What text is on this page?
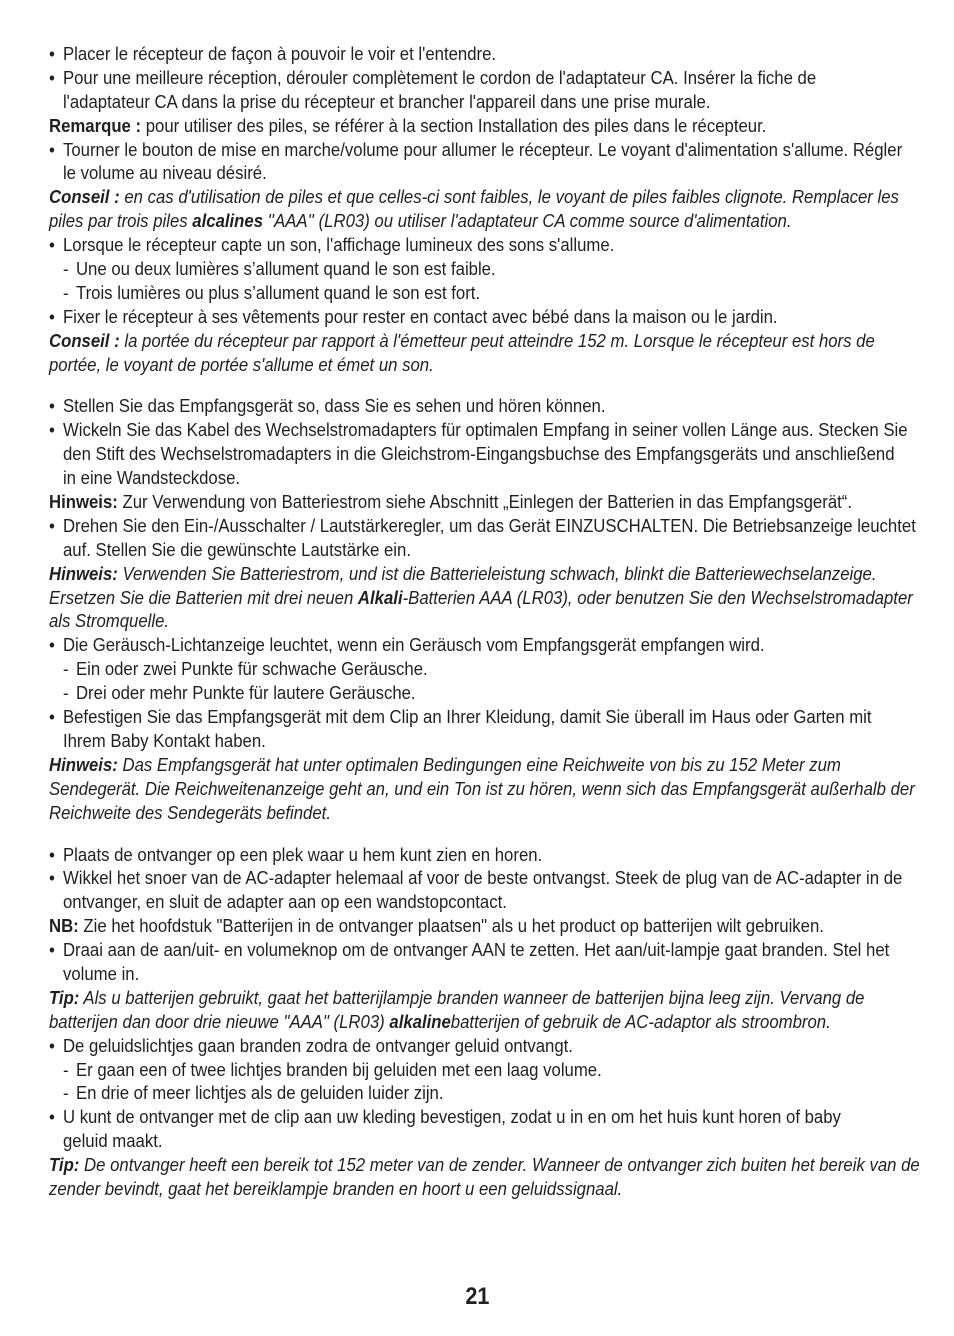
• Placer le récepteur de façon à pouvoir le voir et l'entendre.
• Pour une meilleure réception, dérouler complètement le cordon de l'adaptateur CA. Insérer la fiche de
l'adaptateur CA dans la prise du récepteur et brancher l'appareil dans une prise murale.
Remarque : pour utiliser des piles, se référer à la section Installation des piles dans le récepteur.
• Tourner le bouton de mise en marche/volume pour allumer le récepteur. Le voyant d'alimentation s'allume. Régler
le volume au niveau désiré.
Conseil : en cas d'utilisation de piles et que celles-ci sont faibles, le voyant de piles faibles clignote. Remplacer les
piles par trois piles alcalines ''AAA'' (LR03) ou utiliser l'adaptateur CA comme source d'alimentation.
• Lorsque le récepteur capte un son, l'affichage lumineux des sons s'allume.
- Une ou deux lumières s’allument quand le son est faible.
- Trois lumières ou plus s’allument quand le son est fort.
• Fixer le récepteur à ses vêtements pour rester en contact avec bébé dans la maison ou le jardin.
Conseil : la portée du récepteur par rapport à l'émetteur peut atteindre 152 m. Lorsque le récepteur est hors de
portée, le voyant de portée s'allume et émet un son.
• Stellen Sie das Empfangsgerät so, dass Sie es sehen und hören können.
• Wickeln Sie das Kabel des Wechselstromadapters für optimalen Empfang in seiner vollen Länge aus. Stecken Sie
den Stift des Wechselstromadapters in die Gleichstrom-Eingangsbuchse des Empfangsgeräts und anschließend
in eine Wandsteckdose.
Hinweis: Zur Verwendung von Batteriestrom siehe Abschnitt „Einlegen der Batterien in das Empfangsgerät“.
• Drehen Sie den Ein-/Ausschalter / Lautstärkeregler, um das Gerät EINZUSCHALTEN. Die Betriebsanzeige leuchtet
auf. Stellen Sie die gewünschte Lautstärke ein.
Hinweis: Verwenden Sie Batteriestrom, und ist die Batterieleistung schwach, blinkt die Batteriewechselanzeige.
Ersetzen Sie die Batterien mit drei neuen Alkali-Batterien AAA (LR03), oder benutzen Sie den Wechselstromadapter
als Stromquelle.
• Die Geräusch-Lichtanzeige leuchtet, wenn ein Geräusch vom Empfangsgerät empfangen wird.
- Ein oder zwei Punkte für schwache Geräusche.
- Drei oder mehr Punkte für lautere Geräusche.
• Befestigen Sie das Empfangsgerät mit dem Clip an Ihrer Kleidung, damit Sie überall im Haus oder Garten mit
Ihrem Baby Kontakt haben.
Hinweis: Das Empfangsgerät hat unter optimalen Bedingungen eine Reichweite von bis zu 152 Meter zum
Sendegerät. Die Reichweitenanzeige geht an, und ein Ton ist zu hören, wenn sich das Empfangsgerät außerhalb der
Reichweite des Sendegeräts befindet.
• Plaats de ontvanger op een plek waar u hem kunt zien en horen.
• Wikkel het snoer van de AC-adapter helemaal af voor de beste ontvangst. Steek de plug van de AC-adapter in de
ontvanger, en sluit de adapter aan op een wandstopcontact.
NB: Zie het hoofdstuk "Batterijen in de ontvanger plaatsen" als u het product op batterijen wilt gebruiken.
• Draai aan de aan/uit- en volumeknop om de ontvanger AAN te zetten. Het aan/uit-lampje gaat branden. Stel het
volume in.
Tip: Als u batterijen gebruikt, gaat het batterijlampje branden wanneer de batterijen bijna leeg zijn. Vervang de
batterijen dan door drie nieuwe "AAA" (LR03) alkalinebatterijen of gebruik de AC-adaptor als stroombron.
• De geluidslichtjes gaan branden zodra de ontvanger geluid ontvangt.
- Er gaan een of twee lichtjes branden bij geluiden met een laag volume.
- En drie of meer lichtjes als de geluiden luider zijn.
• U kunt de ontvanger met de clip aan uw kleding bevestigen, zodat u in en om het huis kunt horen of baby
geluid maakt.
Tip: De ontvanger heeft een bereik tot 152 meter van de zender. Wanneer de ontvanger zich buiten het bereik van de
zender bevindt, gaat het bereiklampje branden en hoort u een geluidssignaal.
21
